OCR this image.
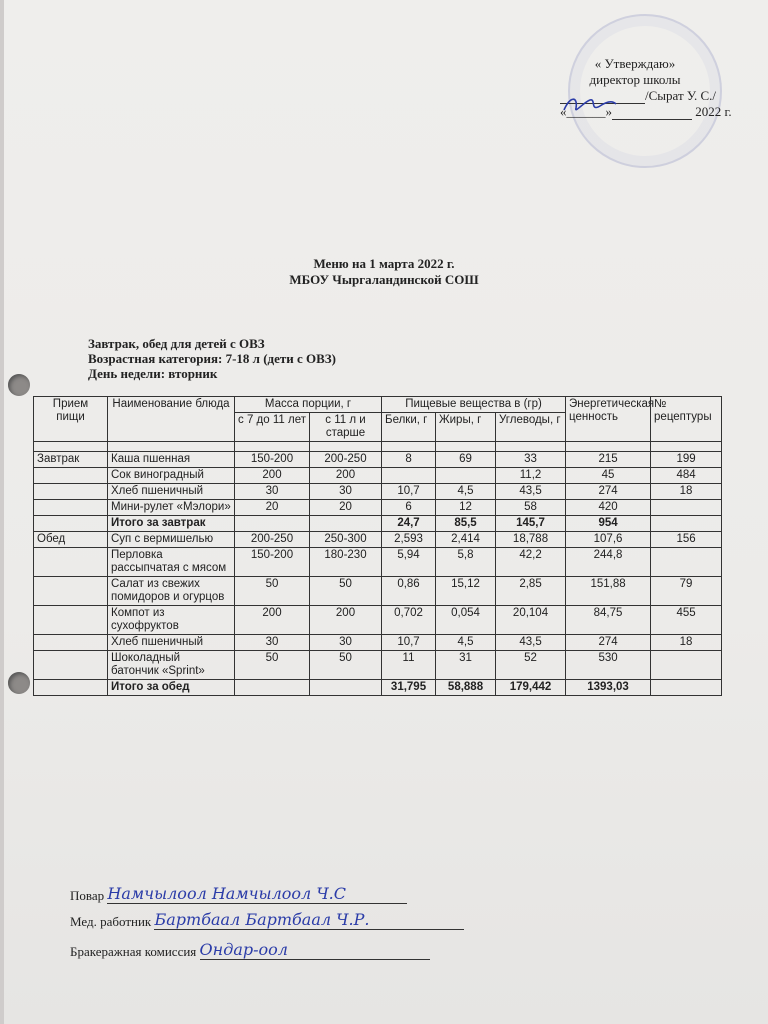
« Утверждаю»
директор школы
/Сырат У. С./
«______»	2022 г.
Меню на 1 марта 2022 г.
МБОУ Чыргаландинской СОШ
Завтрак, обед для детей с ОВЗ
Возрастная категория: 7-18 л (дети с ОВЗ)
День недели: вторник
Прием пищи	Наименование блюда	Масса порции, г		Пищевые вещества в (гр)			Энергетическая ценность	№ рецептуры
		с 7 до 11 лет	с 11 л и старше	Белки, г	Жиры, г	Углеводы, г		

Завтрак	Каша пшенная	150-200	200-250	8	69	33	215	199
	Сок виноградный	200	200			11,2	45	484
	Хлеб пшеничный	30	30	10,7	4,5	43,5	274	18
	Мини-рулет «Мэлори»	20	20	6	12	58	420	
	Итого за завтрак			24,7	85,5	145,7	954	
Обед	Суп с вермишелью	200-250	250-300	2,593	2,414	18,788	107,6	156
	Перловка рассыпчатая с мясом	150-200	180-230	5,94	5,8	42,2	244,8	
	Салат из свежих помидоров и огурцов	50	50	0,86	15,12	2,85	151,88	79
	Компот из сухофруктов	200	200	0,702	0,054	20,104	84,75	455
	Хлеб пшеничный	30	30	10,7	4,5	43,5	274	18
	Шоколадный батончик «Sprint»	50	50	11	31	52	530	
	Итого за обед			31,795	58,888	179,442	1393,03	
Повар Намчылоол Намчылоол Ч.С
Мед. работник Бартбаал Бартбаал Ч.Р.
Бракеражная комиссия Ондар-оол
